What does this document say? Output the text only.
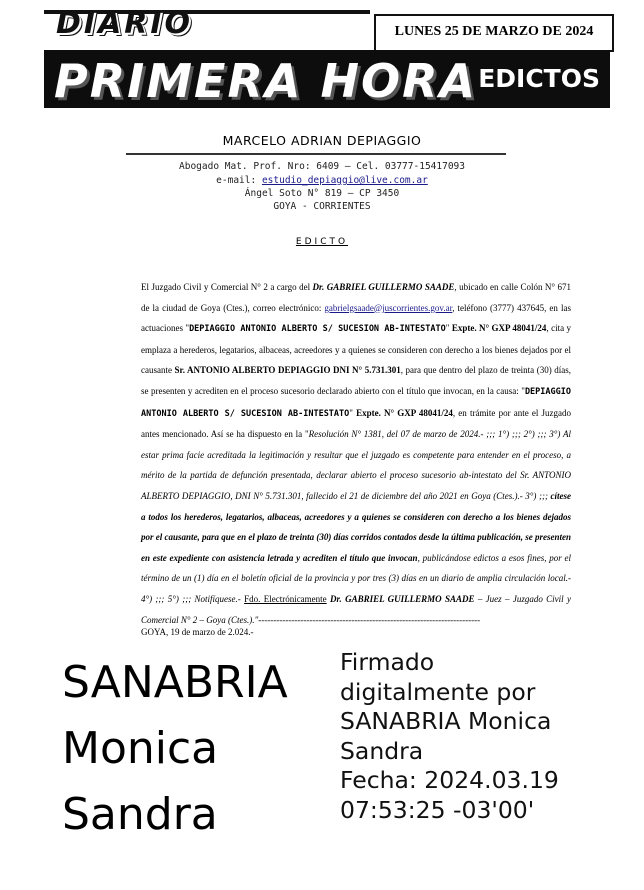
DIARIO	LUNES 25 DE MARZO DE 2024
PRIMERA HORA EDICTOS
MARCELO ADRIAN DEPIAGGIO
Abogado Mat. Prof. Nro: 6409 – Cel. 03777-15417093
e-mail: estudio_depiaggio@live.com.ar
Ángel Soto N° 819 – CP 3450
GOYA - CORRIENTES
EDICTO
El Juzgado Civil y Comercial N° 2 a cargo del Dr. GABRIEL GUILLERMO SAADE, ubicado en calle Colón N° 671 de la ciudad de Goya (Ctes.), correo electrónico: gabrielgsaade@juscorrientes.gov.ar, teléfono (3777) 437645, en las actuaciones "DEPIAGGIO ANTONIO ALBERTO S/ SUCESION AB-INTESTATO" Expte. N° GXP 48041/24, cita y emplaza a herederos, legatarios, albaceas, acreedores y a quienes se consideren con derecho a los bienes dejados por el causante Sr. ANTONIO ALBERTO DEPIAGGIO DNI N° 5.731.301, para que dentro del plazo de treinta (30) días, se presenten y acrediten en el proceso sucesorio declarado abierto con el título que invocan, en la causa: "DEPIAGGIO ANTONIO ALBERTO S/ SUCESION AB-INTESTATO" Expte. N° GXP 48041/24, en trámite por ante el Juzgado antes mencionado. Así se ha dispuesto en la "Resolución N° 1381, del 07 de marzo de 2024.- ;;; 1°) ;;; 2°) ;;; 3°) Al estar prima facie acreditada la legitimación y resultar que el juzgado es competente para entender en el proceso, a mérito de la partida de defunción presentada, declarar abierto el proceso sucesorio ab-intestato del Sr. ANTONIO ALBERTO DEPIAGGIO, DNI N° 5.731.301, fallecido el 21 de diciembre del año 2021 en Goya (Ctes.).- 3°) ;;; cítese a todos los herederos, legatarios, albaceas, acreedores y a quienes se consideren con derecho a los bienes dejados por el causante, para que en el plazo de treinta (30) días corridos contados desde la última publicación, se presenten en este expediente con asistencia letrada y acrediten el título que invocan, publicándose edictos a esos fines, por el término de un (1) día en el boletín oficial de la provincia y por tres (3) días en un diario de amplia circulación local.- 4°) ;;; 5°) ;;; Notifíquese.- Fdo. Electrónicamente Dr. GABRIEL GUILLERMO SAADE – Juez – Juzgado Civil y Comercial N° 2 – Goya (Ctes.)."--------------------------------------------------------------------------
GOYA, 19 de marzo de 2.024.-
SANABRIA
Monica
Sandra
Firmado
digitalmente por
SANABRIA Monica
Sandra
Fecha: 2024.03.19
07:53:25 -03'00'
